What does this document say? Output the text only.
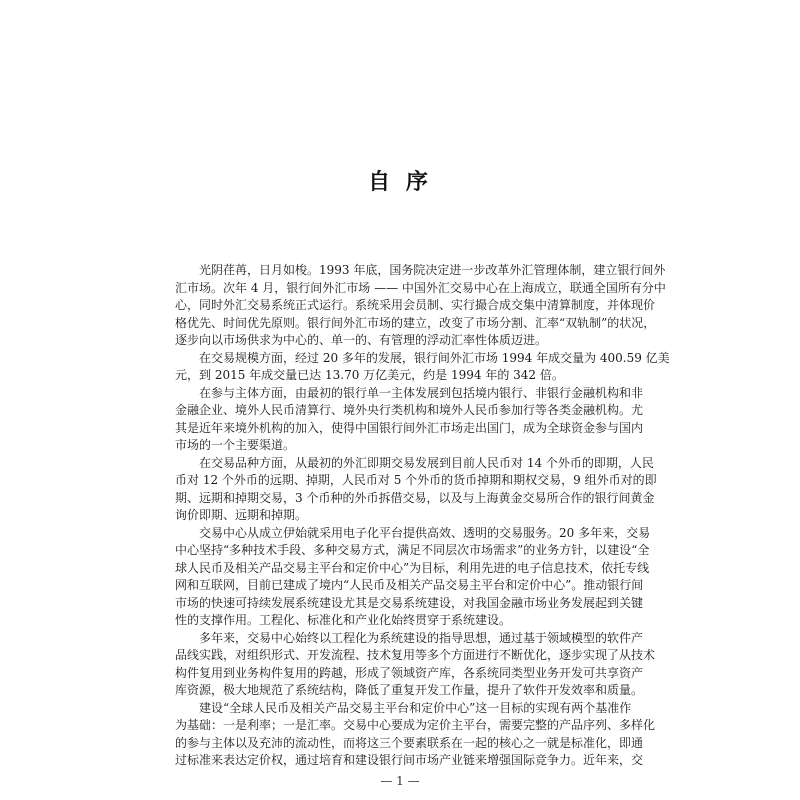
自 序
光阴荏苒，日月如梭。1993 年底，国务院决定进一步改革外汇管理体制，建立银行间外
汇市场。次年 4 月，银行间外汇市场 —— 中国外汇交易中心在上海成立，联通全国所有分中
心，同时外汇交易系统正式运行。系统采用会员制、实行撮合成交集中清算制度，并体现价
格优先、时间优先原则。银行间外汇市场的建立，改变了市场分割、汇率“双轨制”的状况，
逐步向以市场供求为中心的、单一的、有管理的浮动汇率性体质迈进。
在交易规模方面，经过 20 多年的发展，银行间外汇市场 1994 年成交量为 400.59 亿美
元，到 2015 年成交量已达 13.70 万亿美元，约是 1994 年的 342 倍。
在参与主体方面，由最初的银行单一主体发展到包括境内银行、非银行金融机构和非
金融企业、境外人民币清算行、境外央行类机构和境外人民币参加行等各类金融机构。尤
其是近年来境外机构的加入，使得中国银行间外汇市场走出国门，成为全球资金参与国内
市场的一个主要渠道。
在交易品种方面，从最初的外汇即期交易发展到目前人民币对 14 个外币的即期，人民
币对 12 个外币的远期、掉期，人民币对 5 个外币的货币掉期和期权交易，9 组外币对的即
期、远期和掉期交易，3 个币种的外币拆借交易，以及与上海黄金交易所合作的银行间黄金
询价即期、远期和掉期。
交易中心从成立伊始就采用电子化平台提供高效、透明的交易服务。20 多年来，交易
中心坚持“多种技术手段、多种交易方式，满足不同层次市场需求”的业务方针，以建设“全
球人民币及相关产品交易主平台和定价中心”为目标，利用先进的电子信息技术，依托专线
网和互联网，目前已建成了境内“人民币及相关产品交易主平台和定价中心”。推动银行间
市场的快速可持续发展系统建设尤其是交易系统建设，对我国金融市场业务发展起到关键
性的支撑作用。工程化、标准化和产业化始终贯穿于系统建设。
多年来，交易中心始终以工程化为系统建设的指导思想，通过基于领域模型的软件产
品线实践，对组织形式、开发流程、技术复用等多个方面进行不断优化，逐步实现了从技术
构件复用到业务构件复用的跨越，形成了领域资产库，各系统同类型业务开发可共享资产
库资源，极大地规范了系统结构，降低了重复开发工作量，提升了软件开发效率和质量。
建设“全球人民币及相关产品交易主平台和定价中心”这一目标的实现有两个基准作
为基础：一是利率；一是汇率。交易中心要成为定价主平台，需要完整的产品序列、多样化
的参与主体以及充沛的流动性，而将这三个要素联系在一起的核心之一就是标准化，即通
过标准来表达定价权，通过培育和建设银行间市场产业链来增强国际竞争力。近年来，交
— 1 —
